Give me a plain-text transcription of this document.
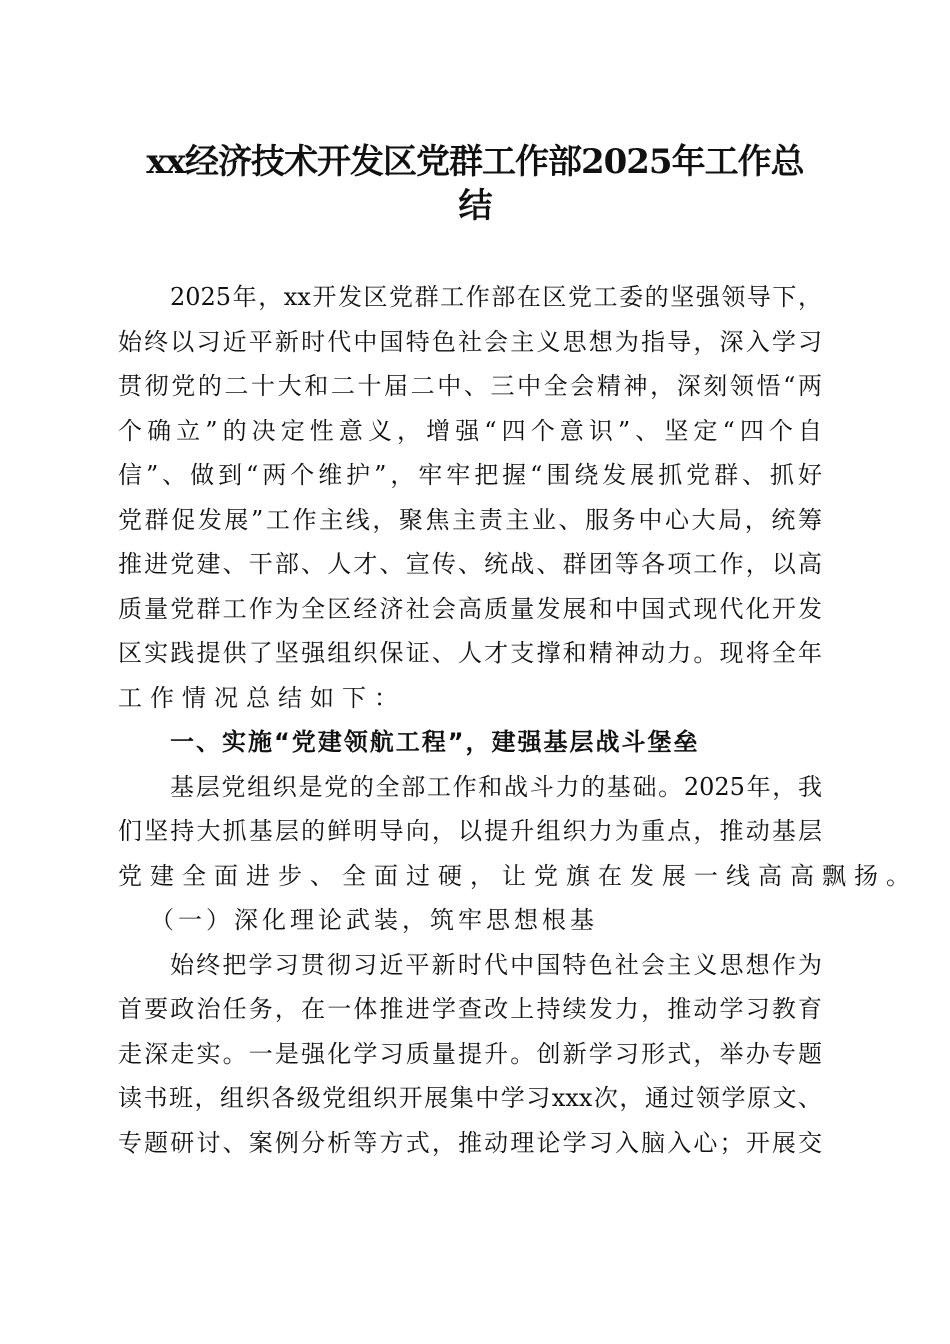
xx经济技术开发区党群工作部2025年工作总
结
2025年，xx开发区党群工作部在区党工委的坚强领导下，
始终以习近平新时代中国特色社会主义思想为指导，深入学习
贯彻党的二十大和二十届二中、三中全会精神，深刻领悟“两
个确立”的决定性意义，增强“四个意识”、坚定“四个自
信”、做到“两个维护”，牢牢把握“围绕发展抓党群、抓好
党群促发展”工作主线，聚焦主责主业、服务中心大局，统筹
推进党建、干部、人才、宣传、统战、群团等各项工作，以高
质量党群工作为全区经济社会高质量发展和中国式现代化开发
区实践提供了坚强组织保证、人才支撑和精神动力。现将全年
工作情况总结如下：
一、实施“党建领航工程”，建强基层战斗堡垒
基层党组织是党的全部工作和战斗力的基础。2025年，我
们坚持大抓基层的鲜明导向，以提升组织力为重点，推动基层
党建全面进步、全面过硬，让党旗在发展一线高高飘扬。
（一）深化理论武装，筑牢思想根基
始终把学习贯彻习近平新时代中国特色社会主义思想作为
首要政治任务，在一体推进学查改上持续发力，推动学习教育
走深走实。一是强化学习质量提升。创新学习形式，举办专题
读书班，组织各级党组织开展集中学习xxx次，通过领学原文、
专题研讨、案例分析等方式，推动理论学习入脑入心；开展交
